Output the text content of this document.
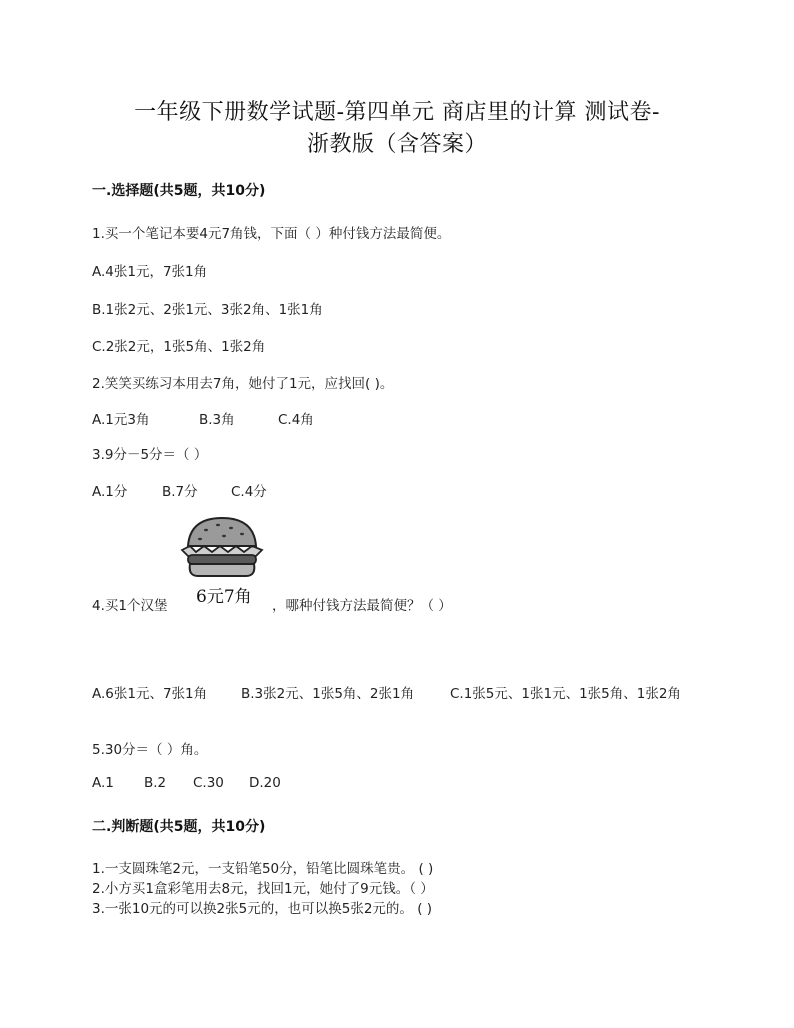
一年级下册数学试题-第四单元 商店里的计算 测试卷-
浙教版（含答案）
一.选择题(共5题，共10分)
1.买一个笔记本要4元7角钱，下面（ ）种付钱方法最简便。
A.4张1元，7张1角
B.1张2元、2张1元、3张2角、1张1角
C.2张2元，1张5角、1张2角
2.笑笑买练习本用去7角，她付了1元，应找回( )。
A.1元3角	B.3角	C.4角
3.9分－5分＝（ ）
A.1分	B.7分 C.4分
6元7角
4.买1个汉堡	，哪种付钱方法最简便？（ ）
A.6张1元、7张1角	B.3张2元、1张5角、2张1角	C.1张5元、1张1元、1张5角、1张2角
5.30分＝（ ）角。
A.1 B.2 C.30 D.20
二.判断题(共5题，共10分)
1.一支圆珠笔2元，一支铅笔50分，铅笔比圆珠笔贵。 ( )
2.小方买1盒彩笔用去8元，找回1元，她付了9元钱。（ ）
3.一张10元的可以换2张5元的，也可以换5张2元的。 ( )
